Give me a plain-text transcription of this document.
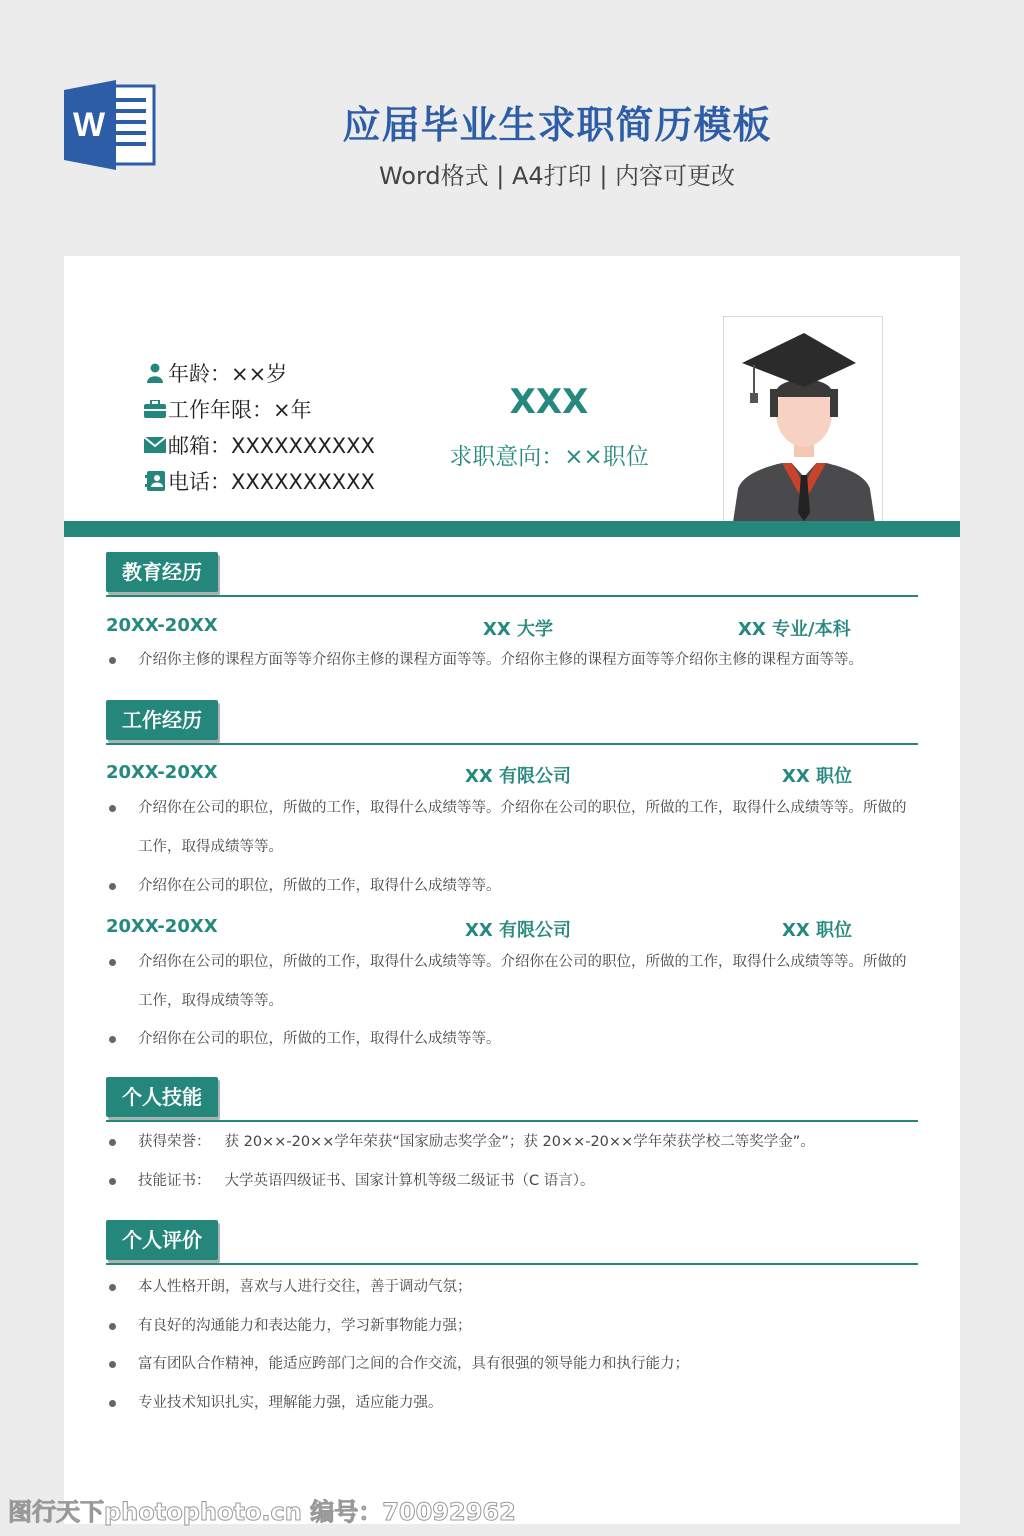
W	应届毕业生求职简历模板
Word格式 | A4打印 | 内容可更改
年龄：××岁
工作年限：×年
邮箱：XXXXXXXXXX
电话：XXXXXXXXXX
XXX
求职意向：××职位
教育经历
20XX-20XX	XX 大学	XX 专业/本科
介绍你主修的课程方面等等介绍你主修的课程方面等等。介绍你主修的课程方面等等介绍你主修的课程方面等等。
工作经历
20XX-20XX	XX 有限公司	XX 职位
介绍你在公司的职位，所做的工作，取得什么成绩等等。介绍你在公司的职位，所做的工作，取得什么成绩等等。所做的工作，取得成绩等等。
介绍你在公司的职位，所做的工作，取得什么成绩等等。
20XX-20XX	XX 有限公司	XX 职位
介绍你在公司的职位，所做的工作，取得什么成绩等等。介绍你在公司的职位，所做的工作，取得什么成绩等等。所做的工作，取得成绩等等。
介绍你在公司的职位，所做的工作，取得什么成绩等等。
个人技能
获得荣誉： 获 20××-20××学年荣获“国家励志奖学金”；获 20××-20××学年荣获学校二等奖学金”。
技能证书： 大学英语四级证书、国家计算机等级二级证书（C 语言）。
个人评价
本人性格开朗，喜欢与人进行交往，善于调动气氛；
有良好的沟通能力和表达能力，学习新事物能力强；
富有团队合作精神，能适应跨部门之间的合作交流，具有很强的领导能力和执行能力；
专业技术知识扎实，理解能力强，适应能力强。
图行天下photophoto.cn 编号：70092962
